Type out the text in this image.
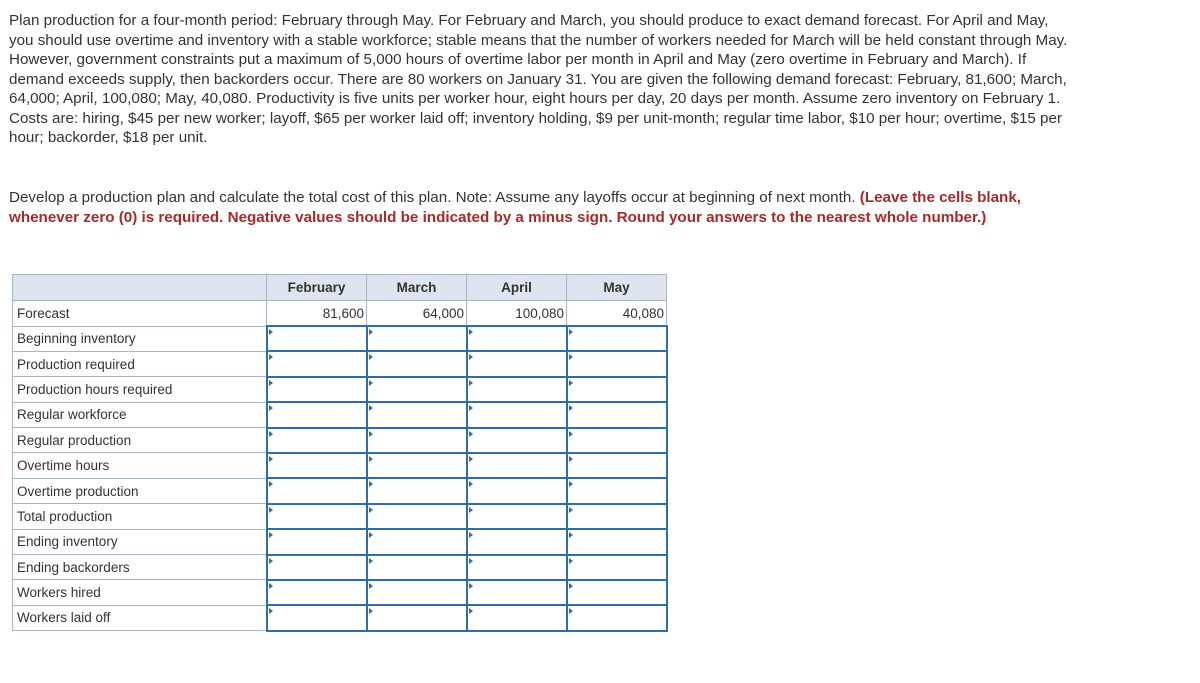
Plan production for a four-month period: February through May. For February and March, you should produce to exact demand forecast. For April and May, you should use overtime and inventory with a stable workforce; stable means that the number of workers needed for March will be held constant through May. However, government constraints put a maximum of 5,000 hours of overtime labor per month in April and May (zero overtime in February and March). If demand exceeds supply, then backorders occur. There are 80 workers on January 31. You are given the following demand forecast: February, 81,600; March, 64,000; April, 100,080; May, 40,080. Productivity is five units per worker hour, eight hours per day, 20 days per month. Assume zero inventory on February 1. Costs are: hiring, $45 per new worker; layoff, $65 per worker laid off; inventory holding, $9 per unit-month; regular time labor, $10 per hour; overtime, $15 per hour; backorder, $18 per unit.
Develop a production plan and calculate the total cost of this plan. Note: Assume any layoffs occur at beginning of next month. (Leave the cells blank, whenever zero (0) is required. Negative values should be indicated by a minus sign. Round your answers to the nearest whole number.)
	February	March	April	May
Forecast	81,600	64,000	100,080	40,080
Beginning inventory	

Production required	

Production hours required	

Regular workforce	

Regular production	

Overtime hours	

Overtime production	

Total production	

Ending inventory	

Ending backorders	

Workers hired	

Workers laid off	
